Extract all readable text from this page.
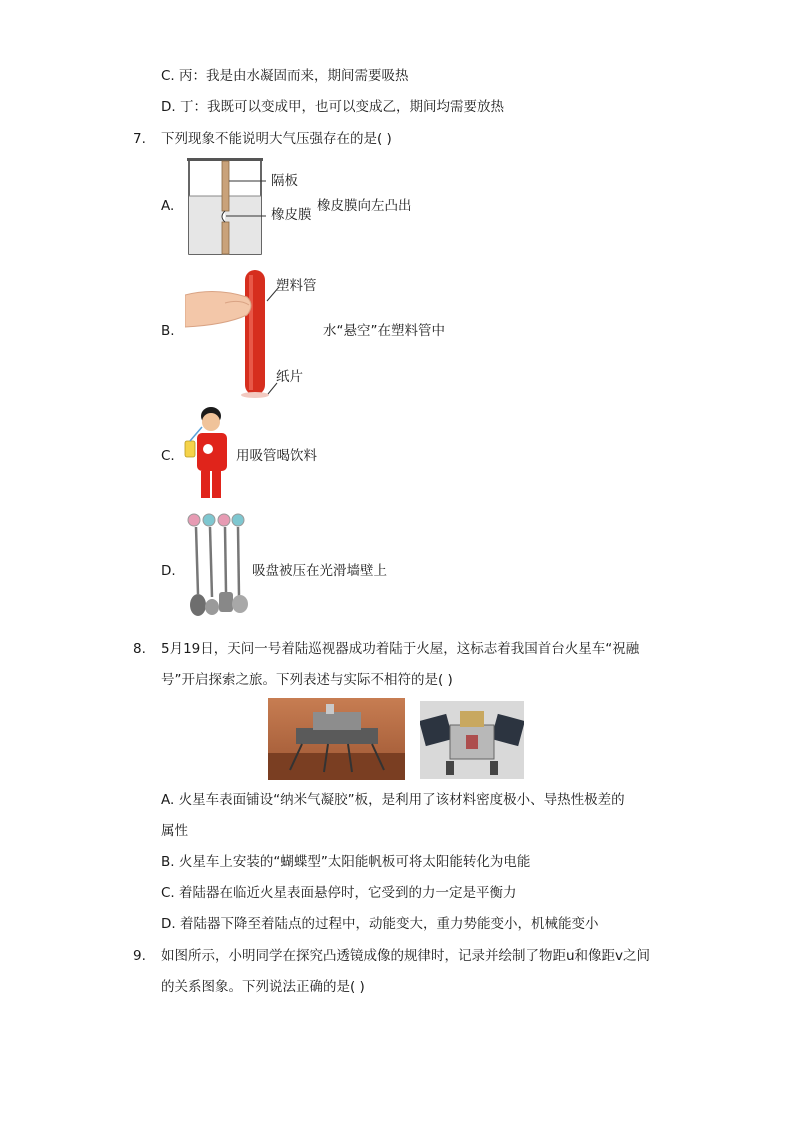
C. 丙：我是由水凝固而来，期间需要吸热
D. 丁：我既可以变成甲，也可以变成乙，期间均需要放热
7. 下列现象不能说明大气压强存在的是( )
A.
隔板
橡皮膜
橡皮膜向左凸出
B.
塑料管
纸片
水“悬空”在塑料管中
C.	用吸管喝饮料
D.	吸盘被压在光滑墙壁上
8. 5月19日，天问一号着陆巡视器成功着陆于火屋，这标志着我国首台火星车“祝融
号”开启探索之旅。下列表述与实际不相符的是( )
A. 火星车表面铺设“纳米气凝胶”板，是利用了该材料密度极小、导热性极差的
属性
B. 火星车上安装的“蝴蝶型”太阳能帆板可将太阳能转化为电能
C. 着陆器在临近火星表面悬停时，它受到的力一定是平衡力
D. 着陆器下降至着陆点的过程中，动能变大，重力势能变小，机械能变小
9. 如图所示，小明同学在探究凸透镜成像的规律时，记录并绘制了物距u和像距v之间
的关系图象。下列说法正确的是( )
